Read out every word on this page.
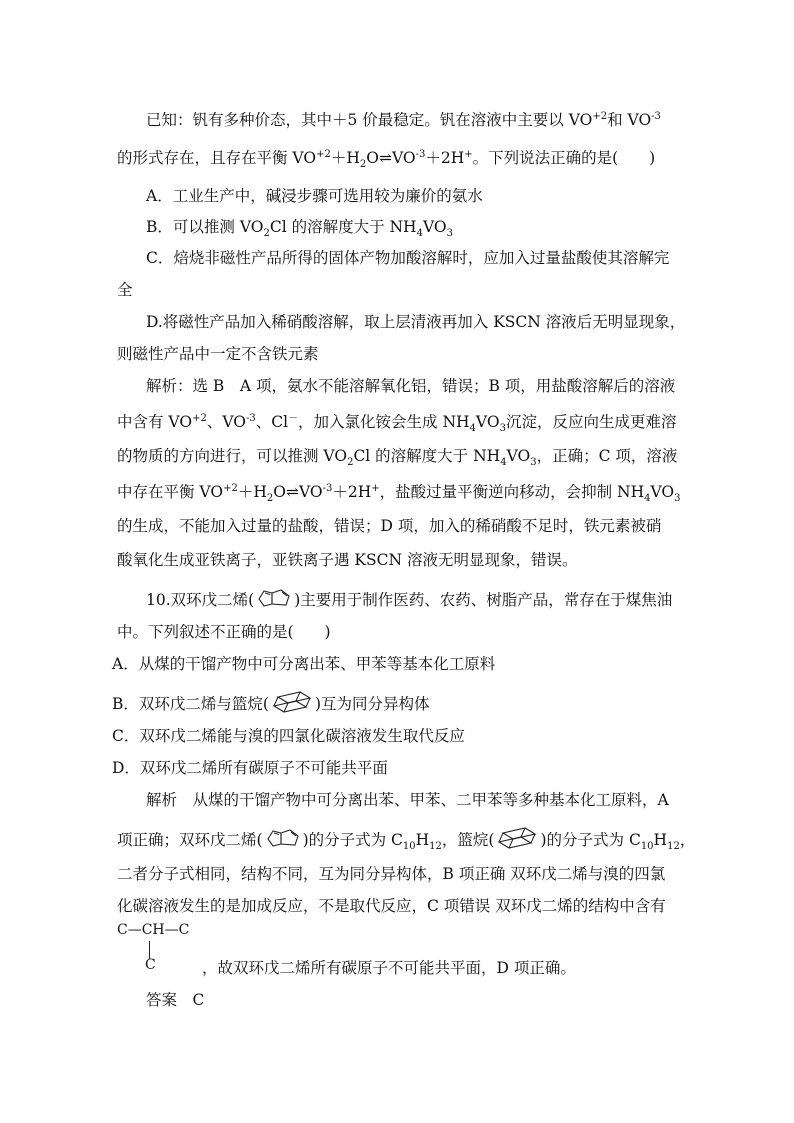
已知：钒有多种价态，其中＋5 价最稳定。钒在溶液中主要以 $VO^{+2}$和 $VO^{-3}$
的形式存在，且存在平衡 $VO^{+2}+H_2O\rightleftharpoons VO^{-3}+2H^+$。下列说法正确的是(　　)
A．工业生产中，碱浸步骤可选用较为廉价的氨水
B．可以推测 $VO_2Cl$ 的溶解度大于 $NH_4VO_3$
C．焙烧非磁性产品所得的固体产物加酸溶解时，应加入过量盐酸使其溶解完
全
D.将磁性产品加入稀硝酸溶解，取上层清液再加入 KSCN 溶液后无明显现象，
则磁性产品中一定不含铁元素
解析：选 B　A 项，氨水不能溶解氧化铝，错误；B 项，用盐酸溶解后的溶液
中含有 $VO^{+2}$、$VO^{-3}$、Cl－，加入氯化铵会生成 $NH_4VO_3$沉淀，反应向生成更难溶
的物质的方向进行，可以推测 $VO_2Cl$ 的溶解度大于 $NH_4VO_3$，正确；C 项，溶液
中存在平衡 $VO^{+2}+H_2O\rightleftharpoons VO^{-3}+2H^+$，盐酸过量平衡逆向移动，会抑制 $NH_4VO_3$
的生成，不能加入过量的盐酸，错误；D 项，加入的稀硝酸不足时，铁元素被硝
酸氧化生成亚铁离子，亚铁离子遇 KSCN 溶液无明显现象，错误。
10.双环戊二烯(	)主要用于制作医药、农药、树脂产品，常存在于煤焦油
中。下列叙述不正确的是(　　)
A．从煤的干馏产物中可分离出苯、甲苯等基本化工原料
B．双环戊二烯与篮烷(	)互为同分异构体
C．双环戊二烯能与溴的四氯化碳溶液发生取代反应
D．双环戊二烯所有碳原子不可能共平面
解析　从煤的干馏产物中可分离出苯、甲苯、二甲苯等多种基本化工原料，A
项正确；双环戊二烯(	)的分子式为 $C_{10}H_{12}$，篮烷(	)的分子式为 $C_{10}H_{12}$，
二者分子式相同，结构不同，互为同分异构体，B 项正确 双环戊二烯与溴的四氯
化碳溶液发生的是加成反应，不是取代反应，C 项错误 双环戊二烯的结构中含有
C—CH—C
C	，故双环戊二烯所有碳原子不可能共平面，D 项正确。
答案　C
